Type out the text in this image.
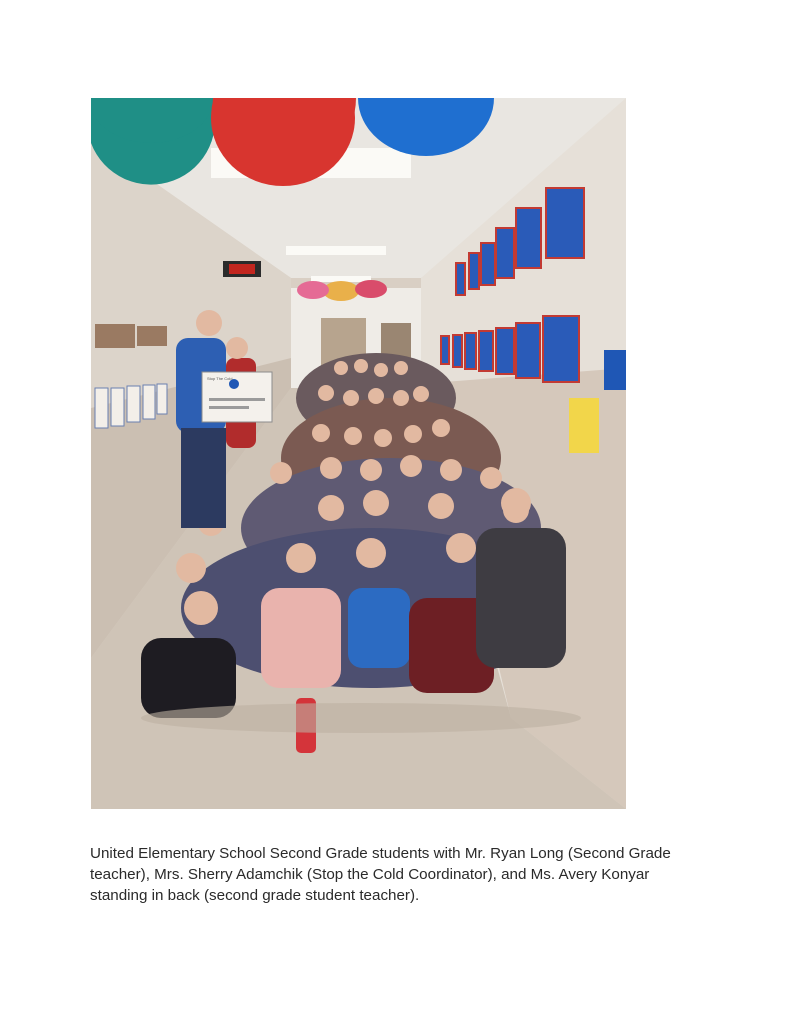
Stop The Cold

United Elementary School Second Grade students with Mr. Ryan Long (Second Grade teacher), Mrs. Sherry Adamchik (Stop the Cold Coordinator), and Ms. Avery Konyar standing in back (second grade student teacher).
